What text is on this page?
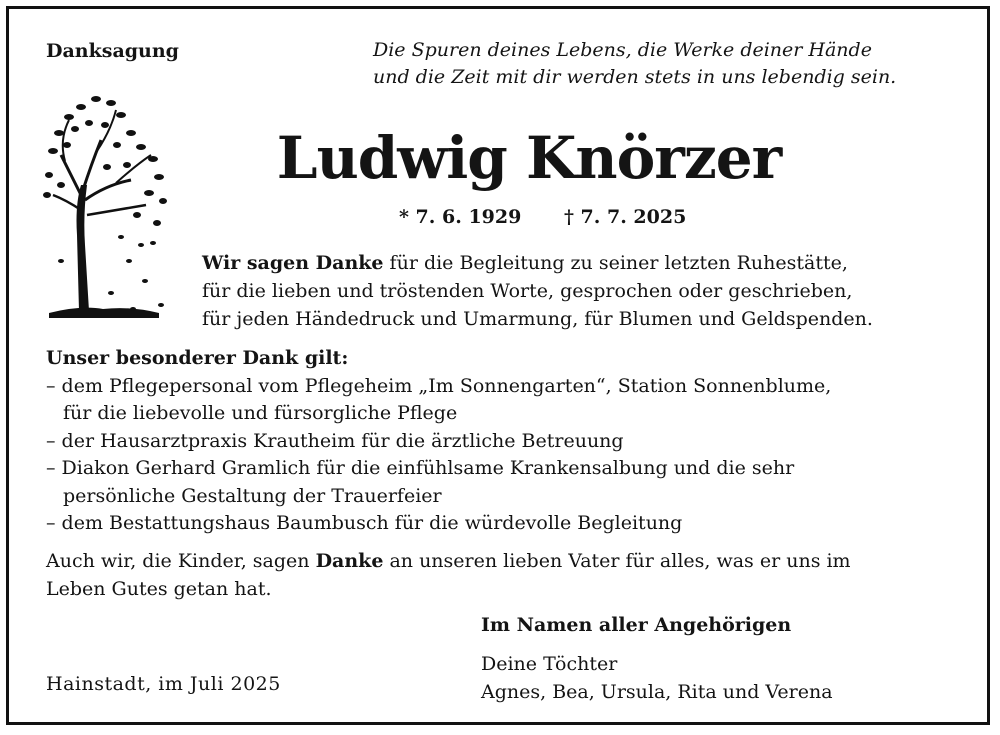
Danksagung	Die Spuren deines Lebens, die Werke deiner Hände
und die Zeit mit dir werden stets in uns lebendig sein.
Ludwig Knörzer
* 7. 6. 1929 † 7. 7. 2025
Wir sagen Danke für die Begleitung zu seiner letzten Ruhestätte,
für die lieben und tröstenden Worte, gesprochen oder geschrieben,
für jeden Händedruck und Umarmung, für Blumen und Geldspenden.
Unser besonderer Dank gilt:
– dem Pflegepersonal vom Pflegeheim „Im Sonnengarten“, Station Sonnenblume,
für die liebevolle und fürsorgliche Pflege
– der Hausarztpraxis Krautheim für die ärztliche Betreuung
– Diakon Gerhard Gramlich für die einfühlsame Krankensalbung und die sehr
persönliche Gestaltung der Trauerfeier
– dem Bestattungshaus Baumbusch für die würdevolle Begleitung
Auch wir, die Kinder, sagen Danke an unseren lieben Vater für alles, was er uns im
Leben Gutes getan hat.
Im Namen aller Angehörigen
Deine Töchter
Agnes, Bea, Ursula, Rita und Verena
Hainstadt, im Juli 2025
